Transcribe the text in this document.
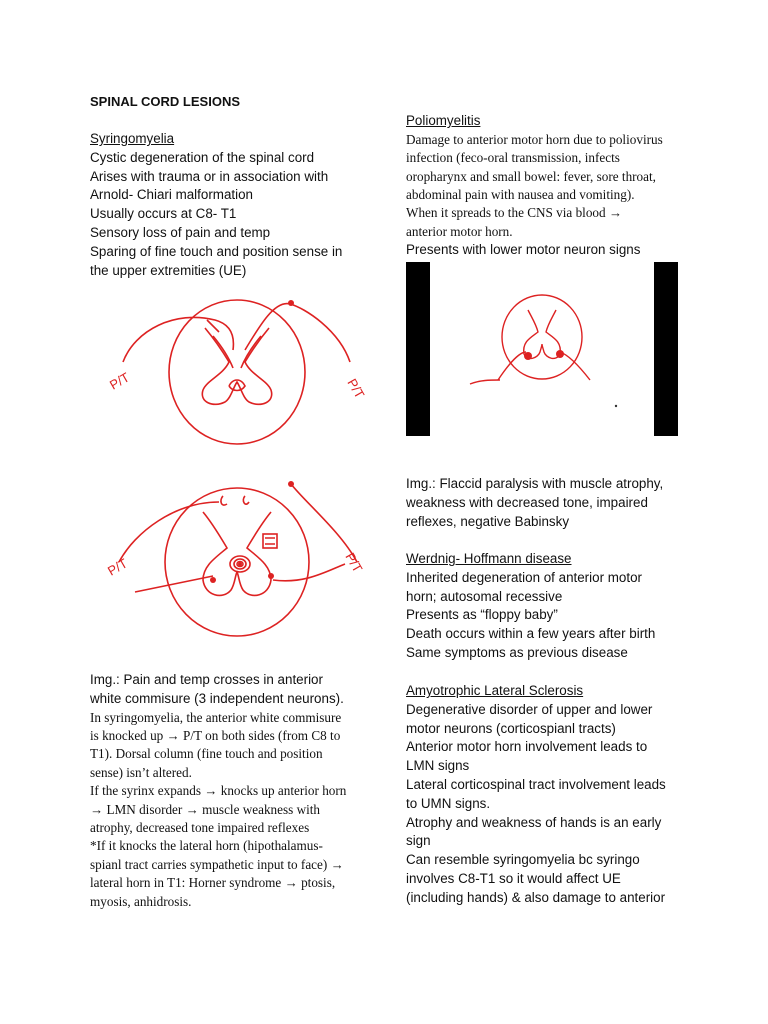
SPINAL CORD LESIONS
Syringomyelia
Cystic degeneration of the spinal cord
Arises with trauma or in association with
Arnold- Chiari malformation
Usually occurs at C8- T1
Sensory loss of pain and temp
Sparing of fine touch and position sense in
the upper extremities (UE)
P/T	P/T
P/T	P/T
Img.: Pain and temp crosses in anterior
white commisure (3 independent neurons).
In syringomyelia, the anterior white commisure
is knocked up → P/T on both sides (from C8 to
T1). Dorsal column (fine touch and position
sense) isn’t altered.
If the syrinx expands → knocks up anterior horn
→ LMN disorder → muscle weakness with
atrophy, decreased tone impaired reflexes
*If it knocks the lateral horn (hipothalamus-
spianl tract carries sympathetic input to face) →
lateral horn in T1: Horner syndrome → ptosis,
myosis, anhidrosis.
Poliomyelitis
Damage to anterior motor horn due to poliovirus
infection (feco-oral transmission, infects
oropharynx and small bowel: fever, sore throat,
abdominal pain with nausea and vomiting).
When it spreads to the CNS via blood →
anterior motor horn.
Presents with lower motor neuron signs
Img.: Flaccid paralysis with muscle atrophy,
weakness with decreased tone, impaired
reflexes, negative Babinsky
Werdnig- Hoffmann disease
Inherited degeneration of anterior motor
horn; autosomal recessive
Presents as “floppy baby”
Death occurs within a few years after birth
Same symptoms as previous disease
Amyotrophic Lateral Sclerosis
Degenerative disorder of upper and lower
motor neurons (corticospianl tracts)
Anterior motor horn involvement leads to
LMN signs
Lateral corticospinal tract involvement leads
to UMN signs.
Atrophy and weakness of hands is an early
sign
Can resemble syringomyelia bc syringo
involves C8-T1 so it would affect UE
(including hands) & also damage to anterior
